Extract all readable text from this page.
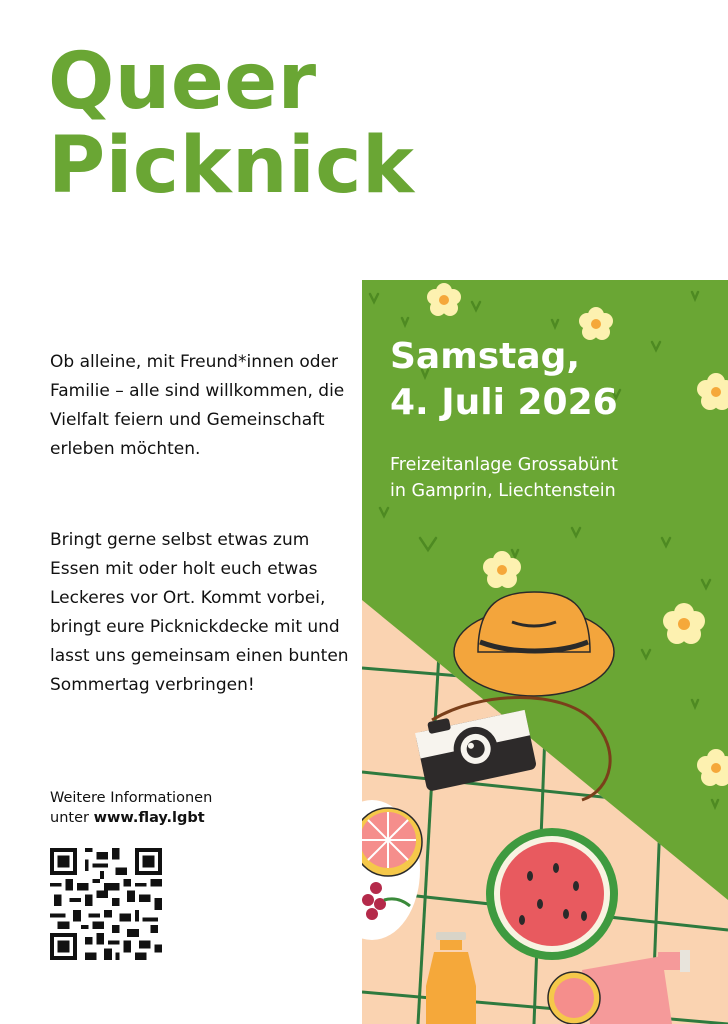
Queer
Picknick

Ob alleine, mit Freund*innen oder Familie – alle sind willkommen, die Vielfalt feiern und Gemeinschaft erleben möchten.

Bringt gerne selbst etwas zum Essen mit oder holt euch etwas Leckeres vor Ort. Kommt vorbei, bringt eure Picknickdecke mit und lasst uns gemeinsam einen bunten Sommertag verbringen!

Weitere Informationen
unter www.flay.lgbt
Samstag,
4. Juli 2026

Freizeitanlage Grossabünt
in Gamprin, Liechtenstein
